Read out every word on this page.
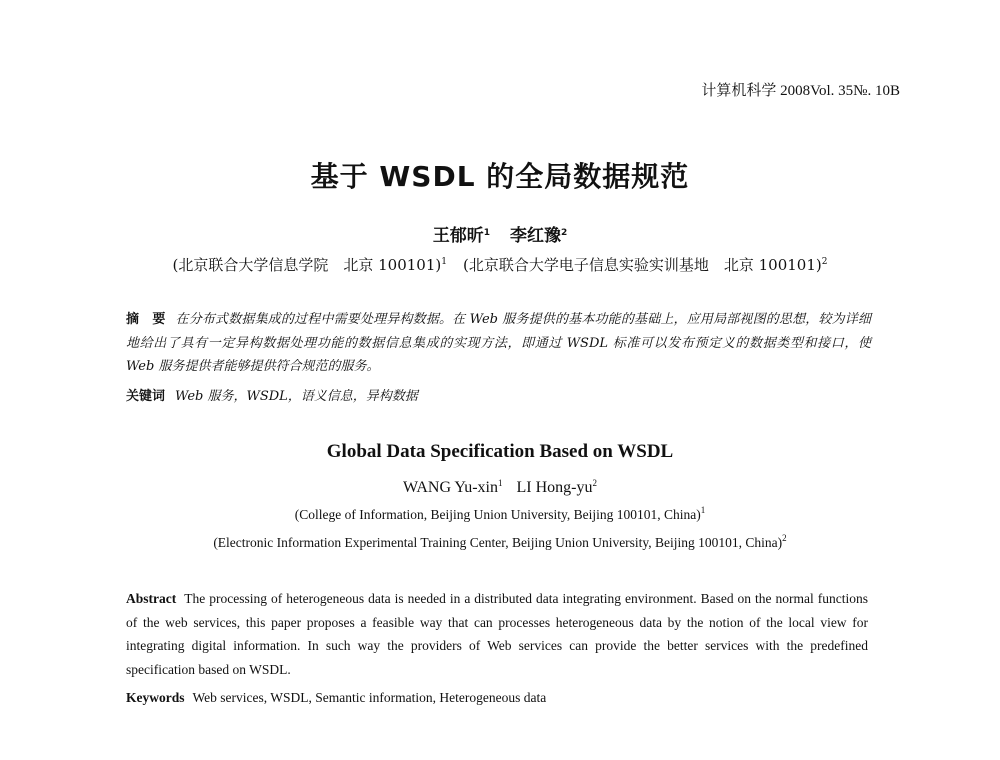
计算机科学 2008Vol. 35№. 10B
基于 WSDL 的全局数据规范
王郁昕$^1$ 李红豫$^2$
(北京联合大学信息学院　北京 100101)$^1$ (北京联合大学电子信息实验实训基地　北京 100101)$^2$
摘　要 在分布式数据集成的过程中需要处理异构数据。在 Web 服务提供的基本功能的基础上，应用局部视图的思想，较为详细地给出了具有一定异构数据处理功能的数据信息集成的实现方法，即通过 WSDL 标准可以发布预定义的数据类型和接口，使 Web 服务提供者能够提供符合规范的服务。
关键词 Web 服务，WSDL，语义信息，异构数据
Global Data Specification Based on WSDL
WANG Yu-xin$^1$ LI Hong-$yu^2$
(College of Information, Beijing Union University, Beijing 100101, China)$^1$
(Electronic Information Experimental Training Center, Beijing Union University, Beijing 100101, China)$^2$
Abstract The processing of heterogeneous data is needed in a distributed data integrating environment. Based on the normal functions of the web services, this paper proposes a feasible way that can processes heterogeneous data by the notion of the local view for integrating digital information. In such way the providers of Web services can provide the better services with the predefined specification based on WSDL.
Keywords Web services, WSDL, Semantic information, Heterogeneous data
